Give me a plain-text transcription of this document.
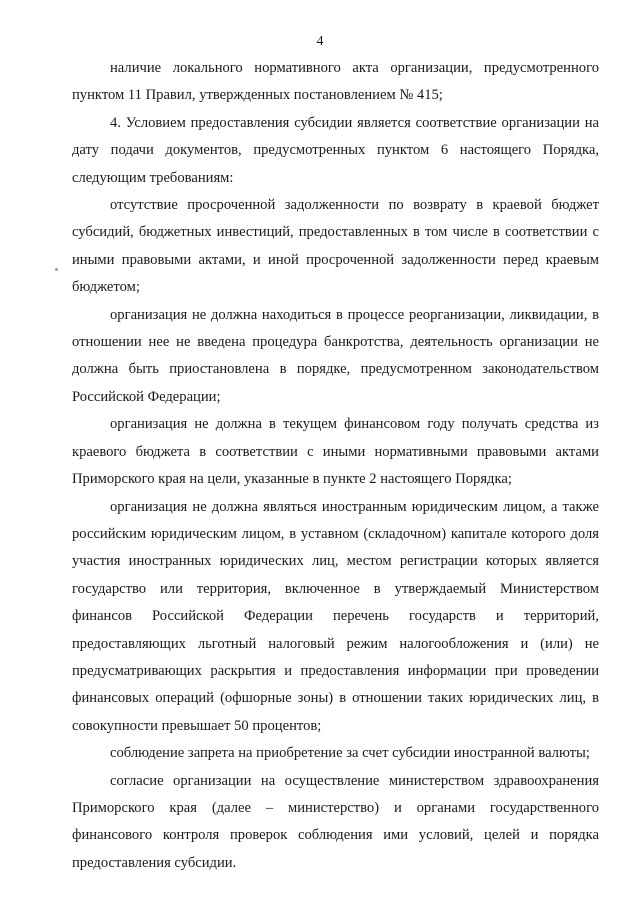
4

наличие локального нормативного акта организации, предусмотренного пунктом 11 Правил, утвержденных постановлением № 415;

4. Условием предоставления субсидии является соответствие организации на дату подачи документов, предусмотренных пунктом 6 настоящего Порядка, следующим требованиям:

отсутствие просроченной задолженности по возврату в краевой бюджет субсидий, бюджетных инвестиций, предоставленных в том числе в соответствии с иными правовыми актами, и иной просроченной задолженности перед краевым бюджетом;

организация не должна находиться в процессе реорганизации, ликвидации, в отношении нее не введена процедура банкротства, деятельность организации не должна быть приостановлена в порядке, предусмотренном законодательством Российской Федерации;

организация не должна в текущем финансовом году получать средства из краевого бюджета в соответствии с иными нормативными правовыми актами Приморского края на цели, указанные в пункте 2 настоящего Порядка;

организация не должна являться иностранным юридическим лицом, а также российским юридическим лицом, в уставном (складочном) капитале которого доля участия иностранных юридических лиц, местом регистрации которых является государство или территория, включенное в утверждаемый Министерством финансов Российской Федерации перечень государств и территорий, предоставляющих льготный налоговый режим налогообложения и (или) не предусматривающих раскрытия и предоставления информации при проведении финансовых операций (офшорные зоны) в отношении таких юридических лиц, в совокупности превышает 50 процентов;

соблюдение запрета на приобретение за счет субсидии иностранной валюты;

согласие организации на осуществление министерством здравоохранения Приморского края (далее – министерство) и органами государственного финансового контроля проверок соблюдения ими условий, целей и порядка предоставления субсидии.
